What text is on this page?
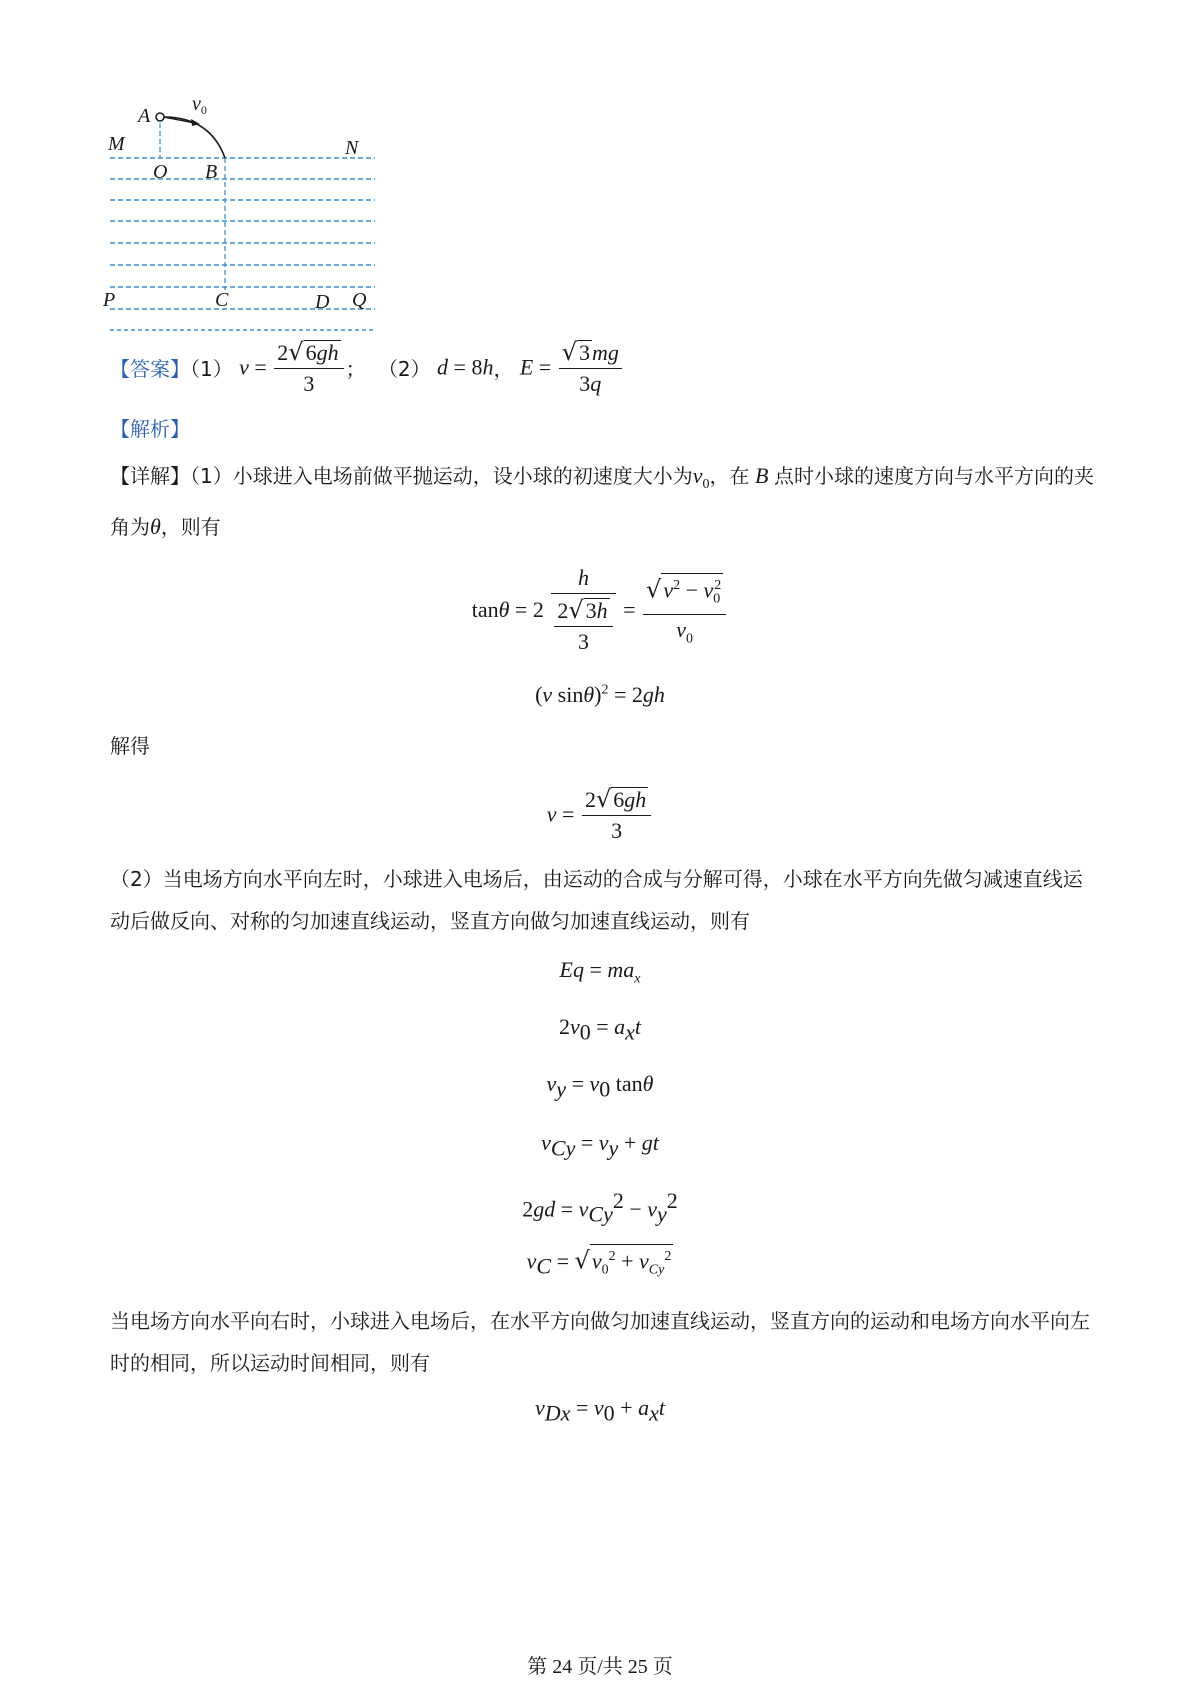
A
$v_0$
M	N
O B
P	C	D Q
【答案】（1） $v = \frac{2√6gh}{3}$ ； （2） d = 8h， $E = \frac{√3mg}{3q}$
【解析】
【详解】（1）小球进入电场前做平抛运动，设小球的初速度大小为$v_0$，在 B 点时小球的速度方向与水平方向的夹角为θ，则有
$\tan\theta = 2 \frac{h}{\frac{2√3h}{3}} = \frac{√v^2 - v_0^2}{v_0}$
(v sinθ)$^2$ = 2gh
解得
$v = \frac{2√6gh}{3}$
（2）当电场方向水平向左时，小球进入电场后，由运动的合成与分解可得，小球在水平方向先做匀减速直线运动后做反向、对称的匀加速直线运动，竖直方向做匀加速直线运动，则有
$Eq = ma_x$
$2v_0 = a_xt$
$v_y = v_0$ tanθ
$v_{Cy} = v_y$ + gt
$2gd = v_{Cy}^2 - v_y^2$
$v_C = √v_0^2 + v_{Cy}^2$
当电场方向水平向右时，小球进入电场后，在水平方向做匀加速直线运动，竖直方向的运动和电场方向水平向左时的相同，所以运动时间相同，则有
$v_{Dx} = v_0 + a_xt$
第 24 页/共 25 页
